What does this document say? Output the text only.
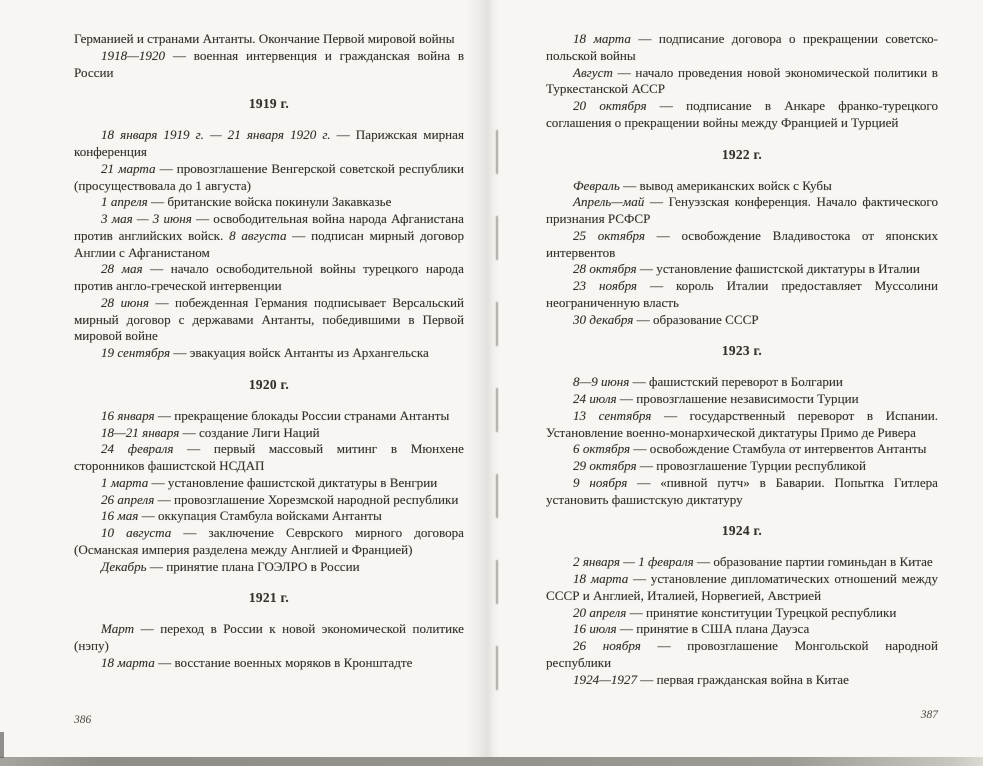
Германией и странами Антанты. Окончание Первой мировой войны

1918—1920 — военная интервенция и гражданская война в России

1919 г.

18 января 1919 г. — 21 января 1920 г. — Парижская мирная конференция

21 марта — провозглашение Венгерской советской республики (просуществовала до 1 августа)

1 апреля — британские войска покинули Закавказье

3 мая — 3 июня — освободительная война народа Афганистана против английских войск. 8 августа — подписан мирный договор Англии с Афганистаном

28 мая — начало освободительной войны турецкого народа против англо-греческой интервенции

28 июня — побежденная Германия подписывает Версальский мирный договор с державами Антанты, победившими в Первой мировой войне

19 сентября — эвакуация войск Антанты из Архангельска

1920 г.

16 января — прекращение блокады России странами Антанты

18—21 января — создание Лиги Наций

24 февраля — первый массовый митинг в Мюнхене сторонников фашистской НСДАП

1 марта — установление фашистской диктатуры в Венгрии

26 апреля — провозглашение Хорезмской народной республики

16 мая — оккупация Стамбула войсками Антанты

10 августа — заключение Севрского мирного договора (Османская империя разделена между Англией и Францией)

Декабрь — принятие плана ГОЭЛРО в России

1921 г.

Март — переход в России к новой экономической политике (нэпу)

18 марта — восстание военных моряков в Кронштадте

18 марта — подписание договора о прекращении советско-польской войны

Август — начало проведения новой экономической политики в Туркестанской АССР

20 октября — подписание в Анкаре франко-турецкого соглашения о прекращении войны между Францией и Турцией

1922 г.

Февраль — вывод американских войск с Кубы

Апрель—май — Генуэзская конференция. Начало фактического признания РСФСР

25 октября — освобождение Владивостока от японских интервентов

28 октября — установление фашистской диктатуры в Италии

23 ноября — король Италии предоставляет Муссолини неограниченную власть

30 декабря — образование СССР

1923 г.

8—9 июня — фашистский переворот в Болгарии

24 июля — провозглашение независимости Турции

13 сентября — государственный переворот в Испании. Установление военно-монархической диктатуры Примо де Ривера

6 октября — освобождение Стамбула от интервентов Антанты

29 октября — провозглашение Турции республикой

9 ноября — «пивной путч» в Баварии. Попытка Гитлера установить фашистскую диктатуру

1924 г.

2 января — 1 февраля — образование партии гоминьдан в Китае

18 марта — установление дипломатических отношений между СССР и Англией, Италией, Норвегией, Австрией

20 апреля — принятие конституции Турецкой республики

16 июля — принятие в США плана Дауэса

26 ноября — провозглашение Монгольской народной республики

1924—1927 — первая гражданская война в Китае

386	387
